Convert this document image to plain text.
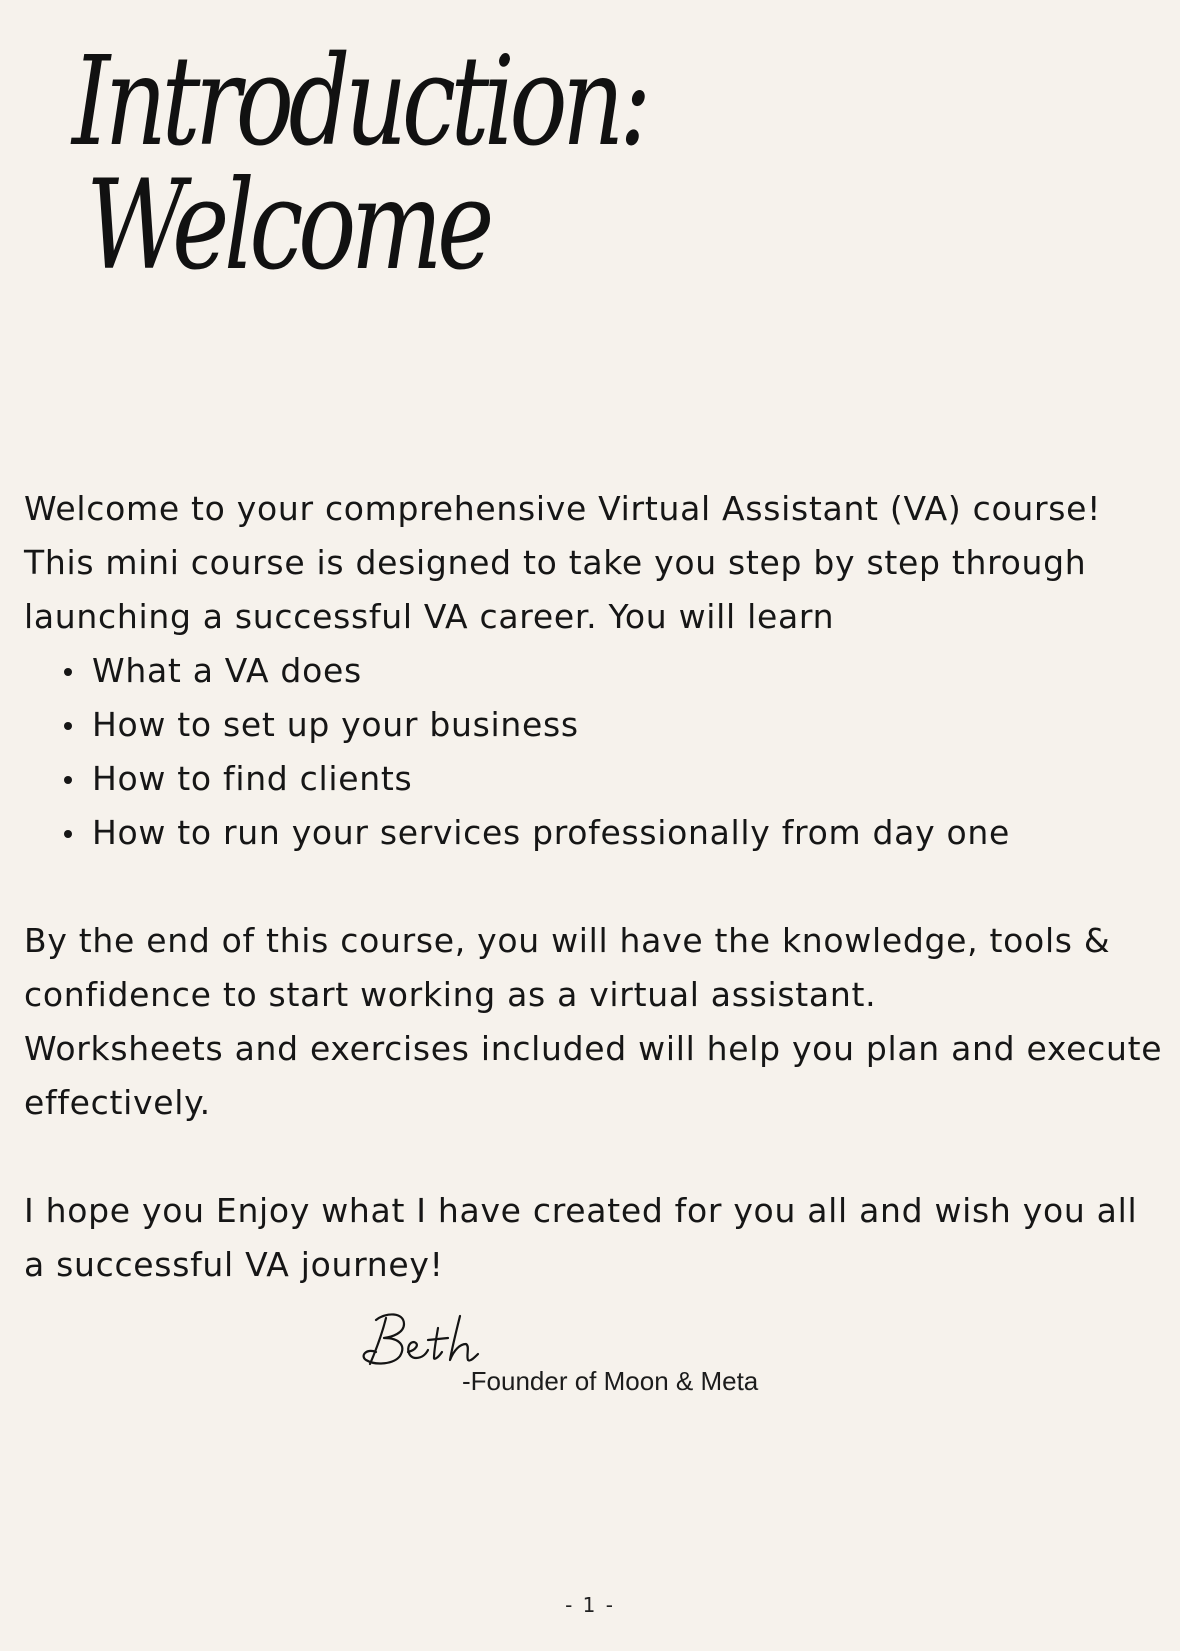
Introduction:
Welcome

Welcome to your comprehensive Virtual Assistant (VA) course! This mini course is designed to take you step by step through launching a successful VA career. You will learn

What a VA does
How to set up your business
How to find clients
How to run your services professionally from day one

By the end of this course, you will have the knowledge, tools & confidence to start working as a virtual assistant.

Worksheets and exercises included will help you plan and execute effectively.

I hope you Enjoy what I have created for you all and wish you all a successful VA journey!

-Founder of Moon & Meta
- 1 -
